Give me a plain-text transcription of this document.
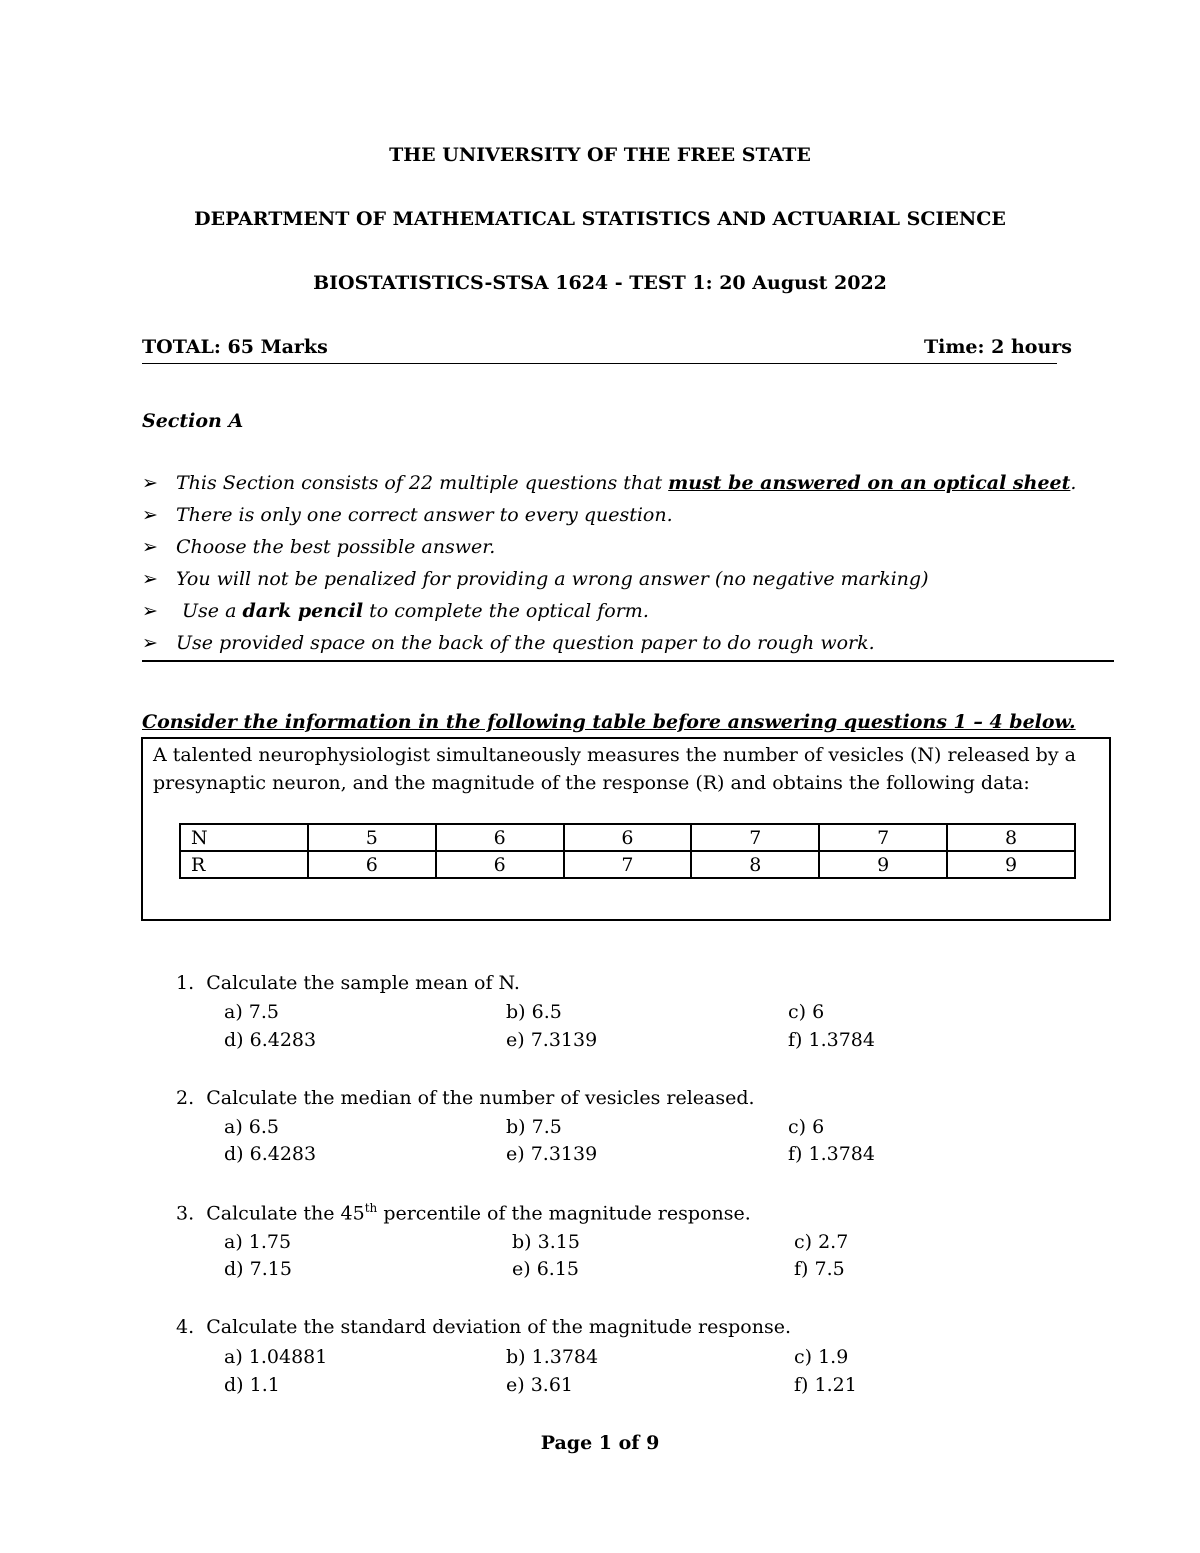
THE UNIVERSITY OF THE FREE STATE
DEPARTMENT OF MATHEMATICAL STATISTICS AND ACTUARIAL SCIENCE
BIOSTATISTICS-STSA 1624 - TEST 1: 20 August 2022
TOTAL: 65 Marks	Time: 2 hours
Section A
➢ This Section consists of 22 multiple questions that must be answered on an optical sheet.
➢ There is only one correct answer to every question.
➢ Choose the best possible answer.
➢ You will not be penalized for providing a wrong answer (no negative marking)
➢ Use a dark pencil to complete the optical form.
➢ Use provided space on the back of the question paper to do rough work.
Consider the information in the following table before answering questions 1 – 4 below.
A talented neurophysiologist simultaneously measures the number of vesicles (N) released by a presynaptic neuron, and the magnitude of the response (R) and obtains the following data:
N	5	6	6	7	7	8
R	6	6	7	8	9	9
1. Calculate the sample mean of N.
a) 7.5	b) 6.5	c) 6
d) 6.4283	e) 7.3139	f) 1.3784
2. Calculate the median of the number of vesicles released.
a) 6.5	b) 7.5	c) 6
d) 6.4283	e) 7.3139	f) 1.3784
3. Calculate the 45th percentile of the magnitude response.
a) 1.75	b) 3.15	c) 2.7
d) 7.15	e) 6.15	f) 7.5
4. Calculate the standard deviation of the magnitude response.
a) 1.04881	b) 1.3784	c) 1.9
d) 1.1	e) 3.61	f) 1.21
Page 1 of 9
